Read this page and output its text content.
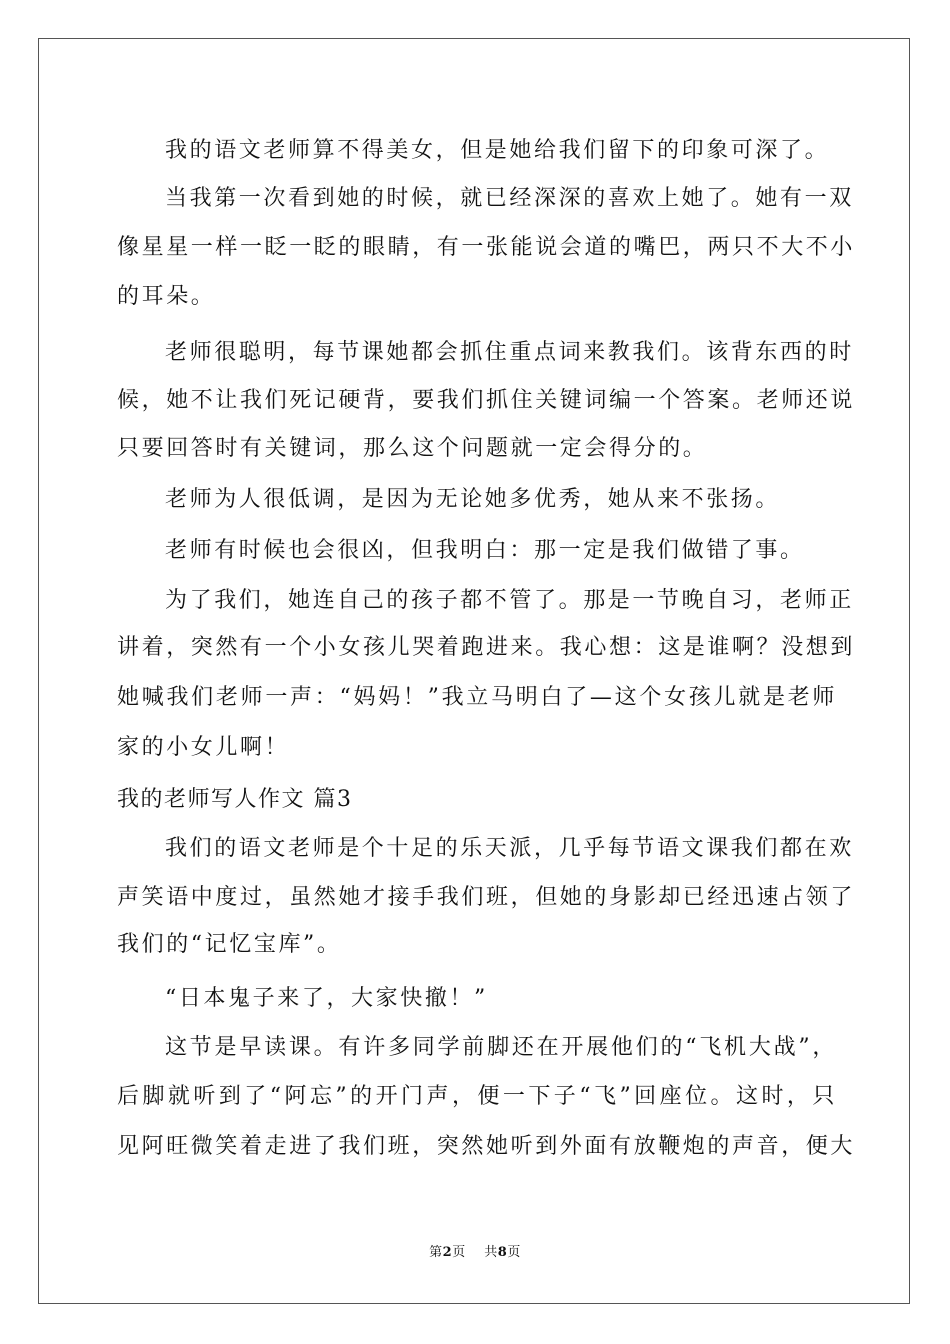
我的语文老师算不得美女，但是她给我们留下的印象可深了。
当我第一次看到她的时候，就已经深深的喜欢上她了。她有一双
像星星一样一眨一眨的眼睛，有一张能说会道的嘴巴，两只不大不小
的耳朵。
老师很聪明，每节课她都会抓住重点词来教我们。该背东西的时
候，她不让我们死记硬背，要我们抓住关键词编一个答案。老师还说
只要回答时有关键词，那么这个问题就一定会得分的。
老师为人很低调，是因为无论她多优秀，她从来不张扬。
老师有时候也会很凶，但我明白：那一定是我们做错了事。
为了我们，她连自己的孩子都不管了。那是一节晚自习，老师正
讲着，突然有一个小女孩儿哭着跑进来。我心想：这是谁啊？没想到
她喊我们老师一声：“妈妈！”我立马明白了—这个女孩儿就是老师
家的小女儿啊！
我的老师写人作文 篇3
我们的语文老师是个十足的乐天派，几乎每节语文课我们都在欢
声笑语中度过，虽然她才接手我们班，但她的身影却已经迅速占领了
我们的“记忆宝库”。
“日本鬼子来了，大家快撤！”
这节是早读课。有许多同学前脚还在开展他们的“飞机大战”，
后脚就听到了“阿忘”的开门声，便一下子“飞”回座位。这时，只
见阿旺微笑着走进了我们班，突然她听到外面有放鞭炮的声音，便大
第2页 共8页
